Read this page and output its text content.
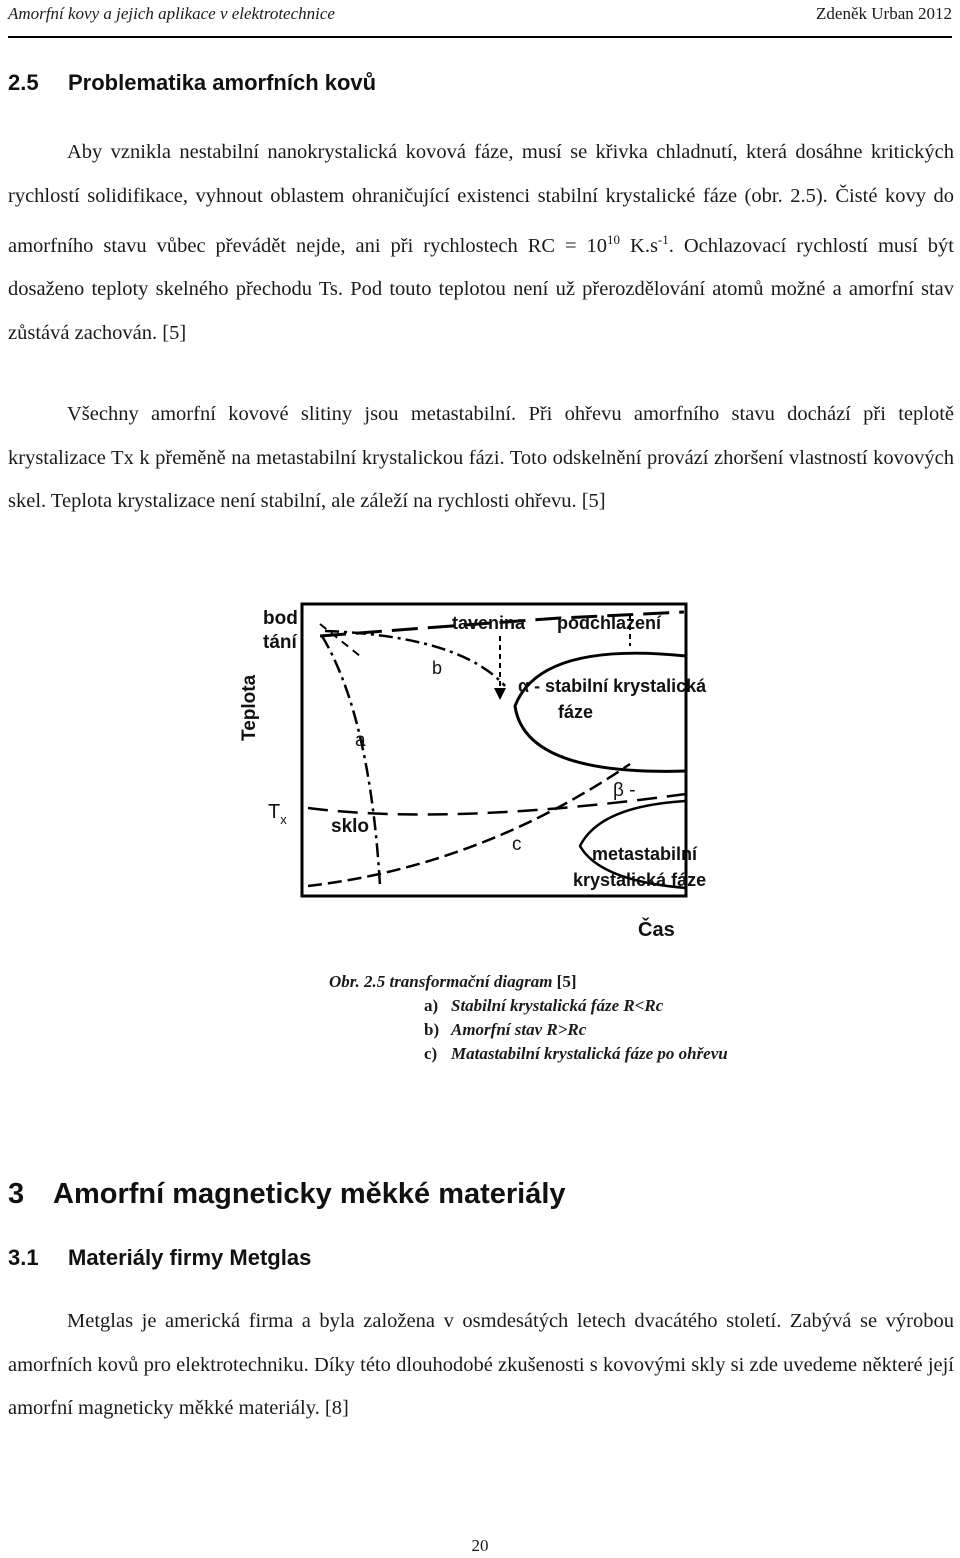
Amorfní kovy a jejich aplikace v elektrotechnice	Zdeněk Urban 2012
2.5 Problematika amorfních kovů
Aby vznikla nestabilní nanokrystalická kovová fáze, musí se křivka chladnutí, která dosáhne kritických rychlostí solidifikace, vyhnout oblastem ohraničující existenci stabilní krystalické fáze (obr. 2.5). Čisté kovy do amorfního stavu vůbec převádět nejde, ani při rychlostech RC = $10^{10}$ $K.s^{-1}$. Ochlazovací rychlostí musí být dosaženo teploty skelného přechodu Ts. Pod touto teplotou není už přerozdělování atomů možné a amorfní stav zůstává zachován. [5]
Všechny amorfní kovové slitiny jsou metastabilní. Při ohřevu amorfního stavu dochází při teplotě krystalizace Tx k přeměně na metastabilní krystalickou fázi. Toto odskelnění provází zhoršení vlastností kovových skel. Teplota krystalizace není stabilní, ale záleží na rychlosti ohřevu. [5]
bod
tání
Teplota
$T_x$
tavenina podchlazení
b
α - stabilní krystalická
fáze
a
sklo
β -
c	metastabilní
krystalická fáze
Čas
Obr. 2.5 transformační diagram [5]
a) Stabilní krystalická fáze R<Rc
b) Amorfní stav R>Rc
c) Matastabilní krystalická fáze po ohřevu
3 Amorfní magneticky měkké materiály
3.1 Materiály firmy Metglas
Metglas je americká firma a byla založena v osmdesátých letech dvacátého století. Zabývá se výrobou amorfních kovů pro elektrotechniku. Díky této dlouhodobé zkušenosti s kovovými skly si zde uvedeme některé její amorfní magneticky měkké materiály. [8]
20
